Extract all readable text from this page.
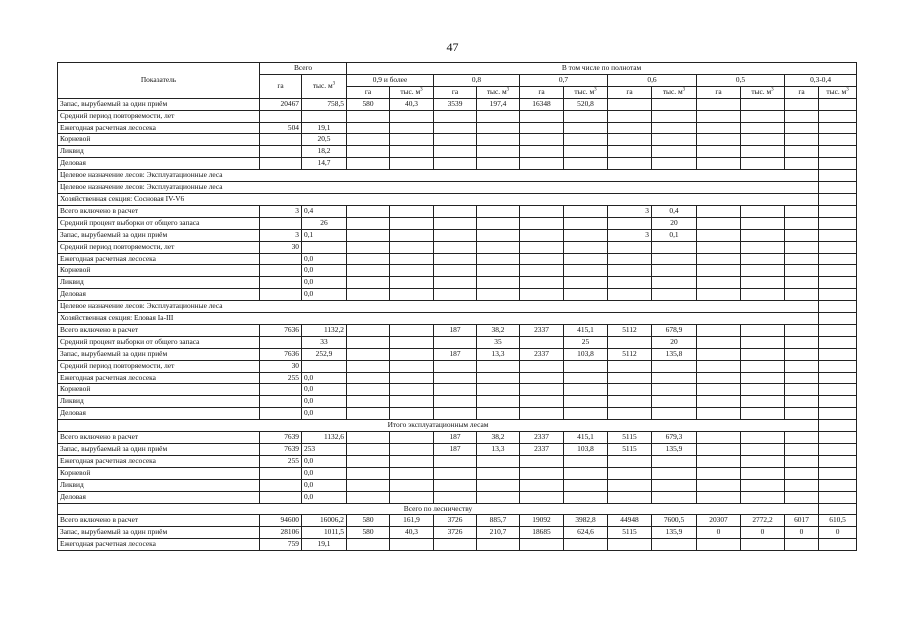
47
Показатель	Всего		В том числе по полнотам											
	га	тыс. $м^3$	0,9 и более		0,8		0,7		0,6		0,5		0,3-0,4	
			га	тыс. $м^3$	га	тыс. $м^3$	га	тыс. $м^3$	га	тыс. $м^3$	га	тыс. $м^3$	га	тыс. $м^3$
Запас, вырубаемый за один приём	20467	758,5	580	40,3	3539	197,4	16348	520,8						
Средний период повторяемости, лет														
Ежегодная расчетная лесосека	504	19,1												
Корневой		20,5												
Ликвид		18,2												
Деловая		14,7												
Целевое назначение лесов: Эксплуатационные леса														
Целевое назначение лесов: Эксплуатационные леса														
Хозяйственная секция: Сосновая IV-V6														
Всего включено в расчет	3	0,4							3	0,4				
Средний процент выборки от общего запаса		26								20				
Запас, вырубаемый за один приём	3	0,1							3	0,1				
Средний период повторяемости, лет	30													
Ежегодная расчетная лесосека		0,0												
Корневой		0,0												
Ликвид		0,0												
Деловая		0,0												
Целевое назначение лесов: Эксплуатационные леса														
Хозяйственная секция: Еловая Ia-III														
Всего включено в расчет	7636	1132,2			187	38,2	2337	415,1	5112	678,9				
Средний процент выборки от общего запаса		33				35		25		20				
Запас, вырубаемый за один приём	7636	252,9			187	13,3	2337	103,8	5112	135,8				
Средний период повторяемости, лет	30													
Ежегодная расчетная лесосека	255	0,0												
Корневой		0,0												
Ликвид		0,0												
Деловая		0,0												
Итого эксплуатационным лесам														
Всего включено в расчет	7639	1132,6			187	38,2	2337	415,1	5115	679,3				
Запас, вырубаемый за один приём	7639	253			187	13,3	2337	103,8	5115	135,9				
Ежегодная расчетная лесосека	255	0,0												
Корневой		0,0												
Ликвид		0,0												
Деловая		0,0												
Всего по лесничеству														
Всего включено в расчет	94600	16006,2	580	161,9	3726	885,7	19092	3982,8	44948	7600,5	20307	2772,2	6017	610,5
Запас, вырубаемый за один приём	28106	1011,5	580	40,3	3726	210,7	18685	624,6	5115	135,9	0	0	0	0
Ежегодная расчетная лесосека	759	19,1												
